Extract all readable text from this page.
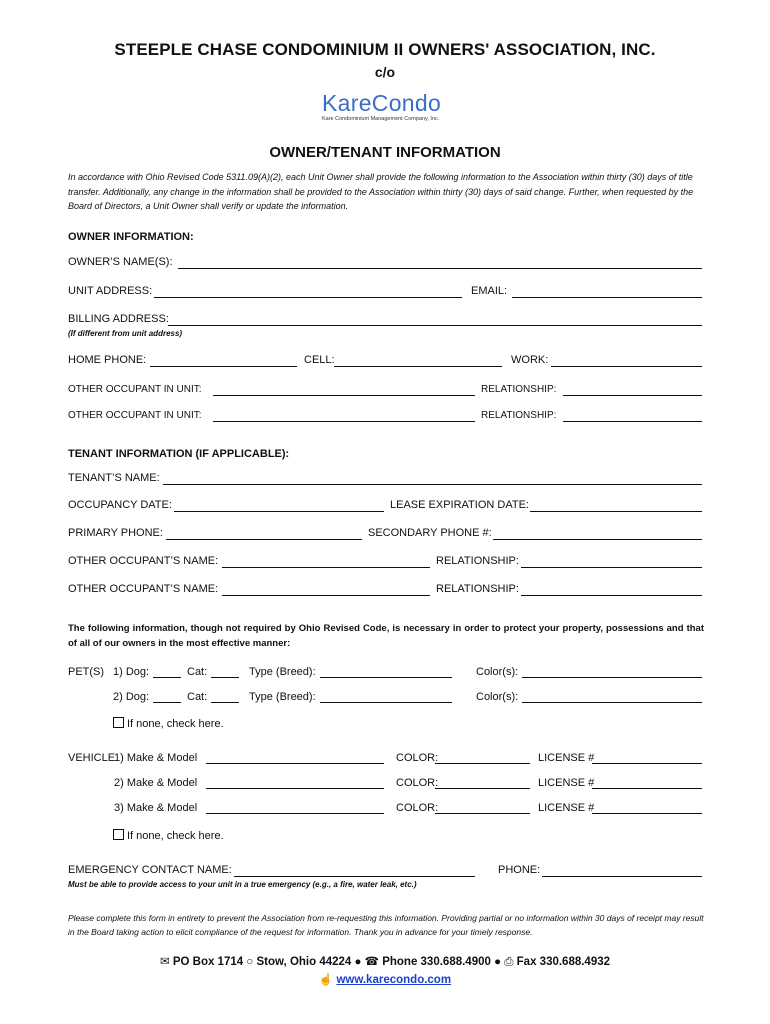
STEEPLE CHASE CONDOMINIUM II OWNERS' ASSOCIATION, INC.
c/o
KareCondo
Kare Condominium Management Company, Inc.
OWNER/TENANT INFORMATION
In accordance with Ohio Revised Code 5311.09(A)(2), each Unit Owner shall provide the following information to the Association within thirty (30) days of title transfer. Additionally, any change in the information shall be provided to the Association within thirty (30) days of said change. Further, when requested by the Board of Directors, a Unit Owner shall verify or update the information.
OWNER INFORMATION:
OWNER’S NAME(S):
UNIT ADDRESS:	EMAIL:
BILLING ADDRESS:
(If different from unit address)
HOME PHONE:	CELL:	WORK:
OTHER OCCUPANT IN UNIT:	RELATIONSHIP:
OTHER OCCUPANT IN UNIT:	RELATIONSHIP:
TENANT INFORMATION (IF APPLICABLE):
TENANT’S NAME:
OCCUPANCY DATE:	LEASE EXPIRATION DATE:
PRIMARY PHONE:	SECONDARY PHONE #:
OTHER OCCUPANT’S NAME:	RELATIONSHIP:
OTHER OCCUPANT’S NAME:	RELATIONSHIP:
The following information, though not required by Ohio Revised Code, is necessary in order to protect your property, possessions and that of all of our owners in the most effective manner:
PET(S) 1) Dog:	Cat:	Type (Breed):	Color(s):
2) Dog:	Cat:	Type (Breed):	Color(s):
If none, check here.
VEHICLE
1) Make & Model	COLOR:	LICENSE #
2) Make & Model	COLOR:	LICENSE #
3) Make & Model	COLOR:	LICENSE #
If none, check here.
EMERGENCY CONTACT NAME:	PHONE:
Must be able to provide access to your unit in a true emergency (e.g., a fire, water leak, etc.)
Please complete this form in entirety to prevent the Association from re-requesting this information. Providing partial or no information within 30 days of receipt may result in the Board taking action to elicit compliance of the request for information. Thank you in advance for your timely response.
✉ PO Box 1714 ○ Stow, Ohio 44224 ● ☎ Phone 330.688.4900 ● ⎙ Fax 330.688.4932
☝ www.karecondo.com
